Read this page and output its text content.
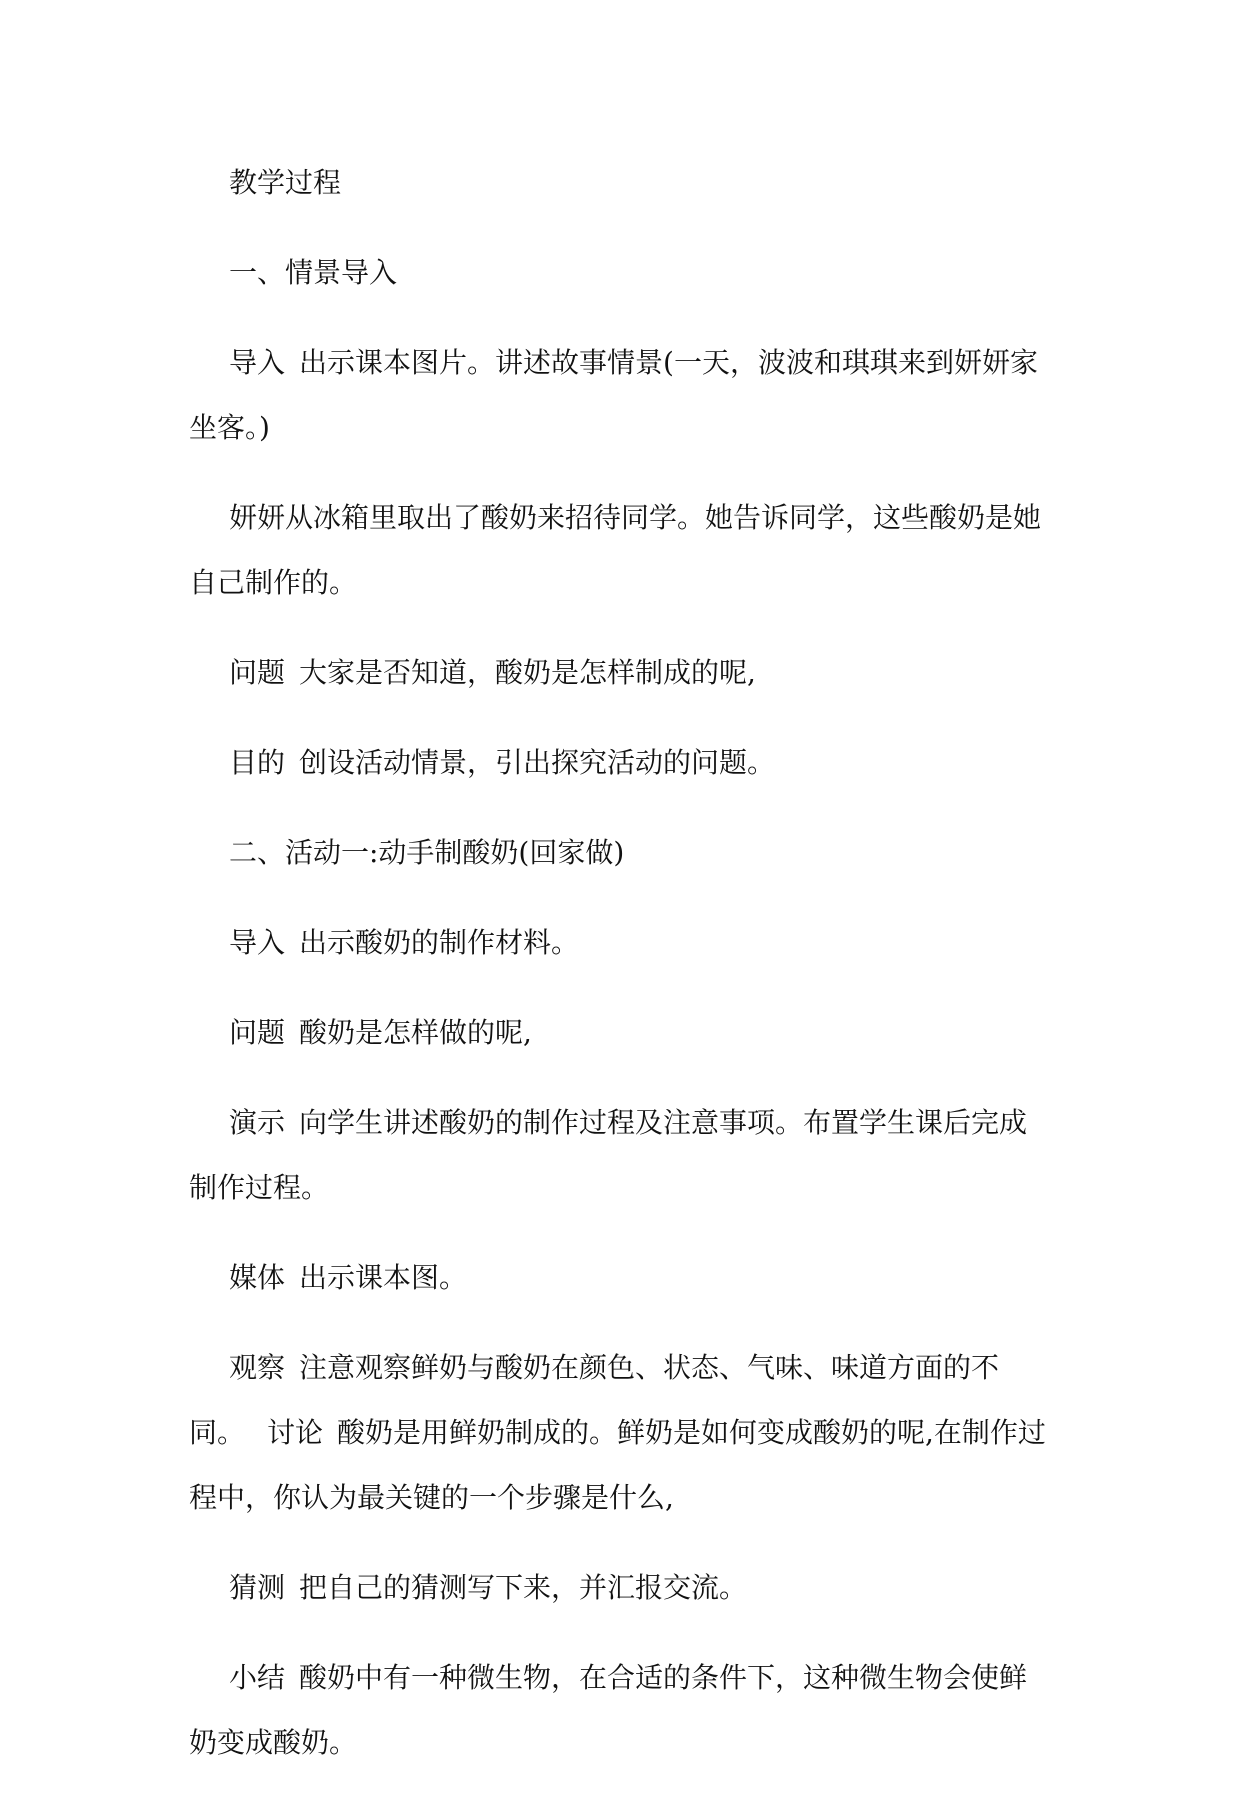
教学过程

一、情景导入

导入 出示课本图片。讲述故事情景(一天，波波和琪琪来到妍妍家坐客。)

妍妍从冰箱里取出了酸奶来招待同学。她告诉同学，这些酸奶是她自己制作的。

问题 大家是否知道，酸奶是怎样制成的呢,

目的 创设活动情景，引出探究活动的问题。

二、活动一:动手制酸奶(回家做)

导入 出示酸奶的制作材料。

问题 酸奶是怎样做的呢,

演示 向学生讲述酸奶的制作过程及注意事项。布置学生课后完成制作过程。

媒体 出示课本图。

观察 注意观察鲜奶与酸奶在颜色、状态、气味、味道方面的不同。 讨论 酸奶是用鲜奶制成的。鲜奶是如何变成酸奶的呢,在制作过程中，你认为最关键的一个步骤是什么,

猜测 把自己的猜测写下来，并汇报交流。

小结 酸奶中有一种微生物，在合适的条件下，这种微生物会使鲜奶变成酸奶。
